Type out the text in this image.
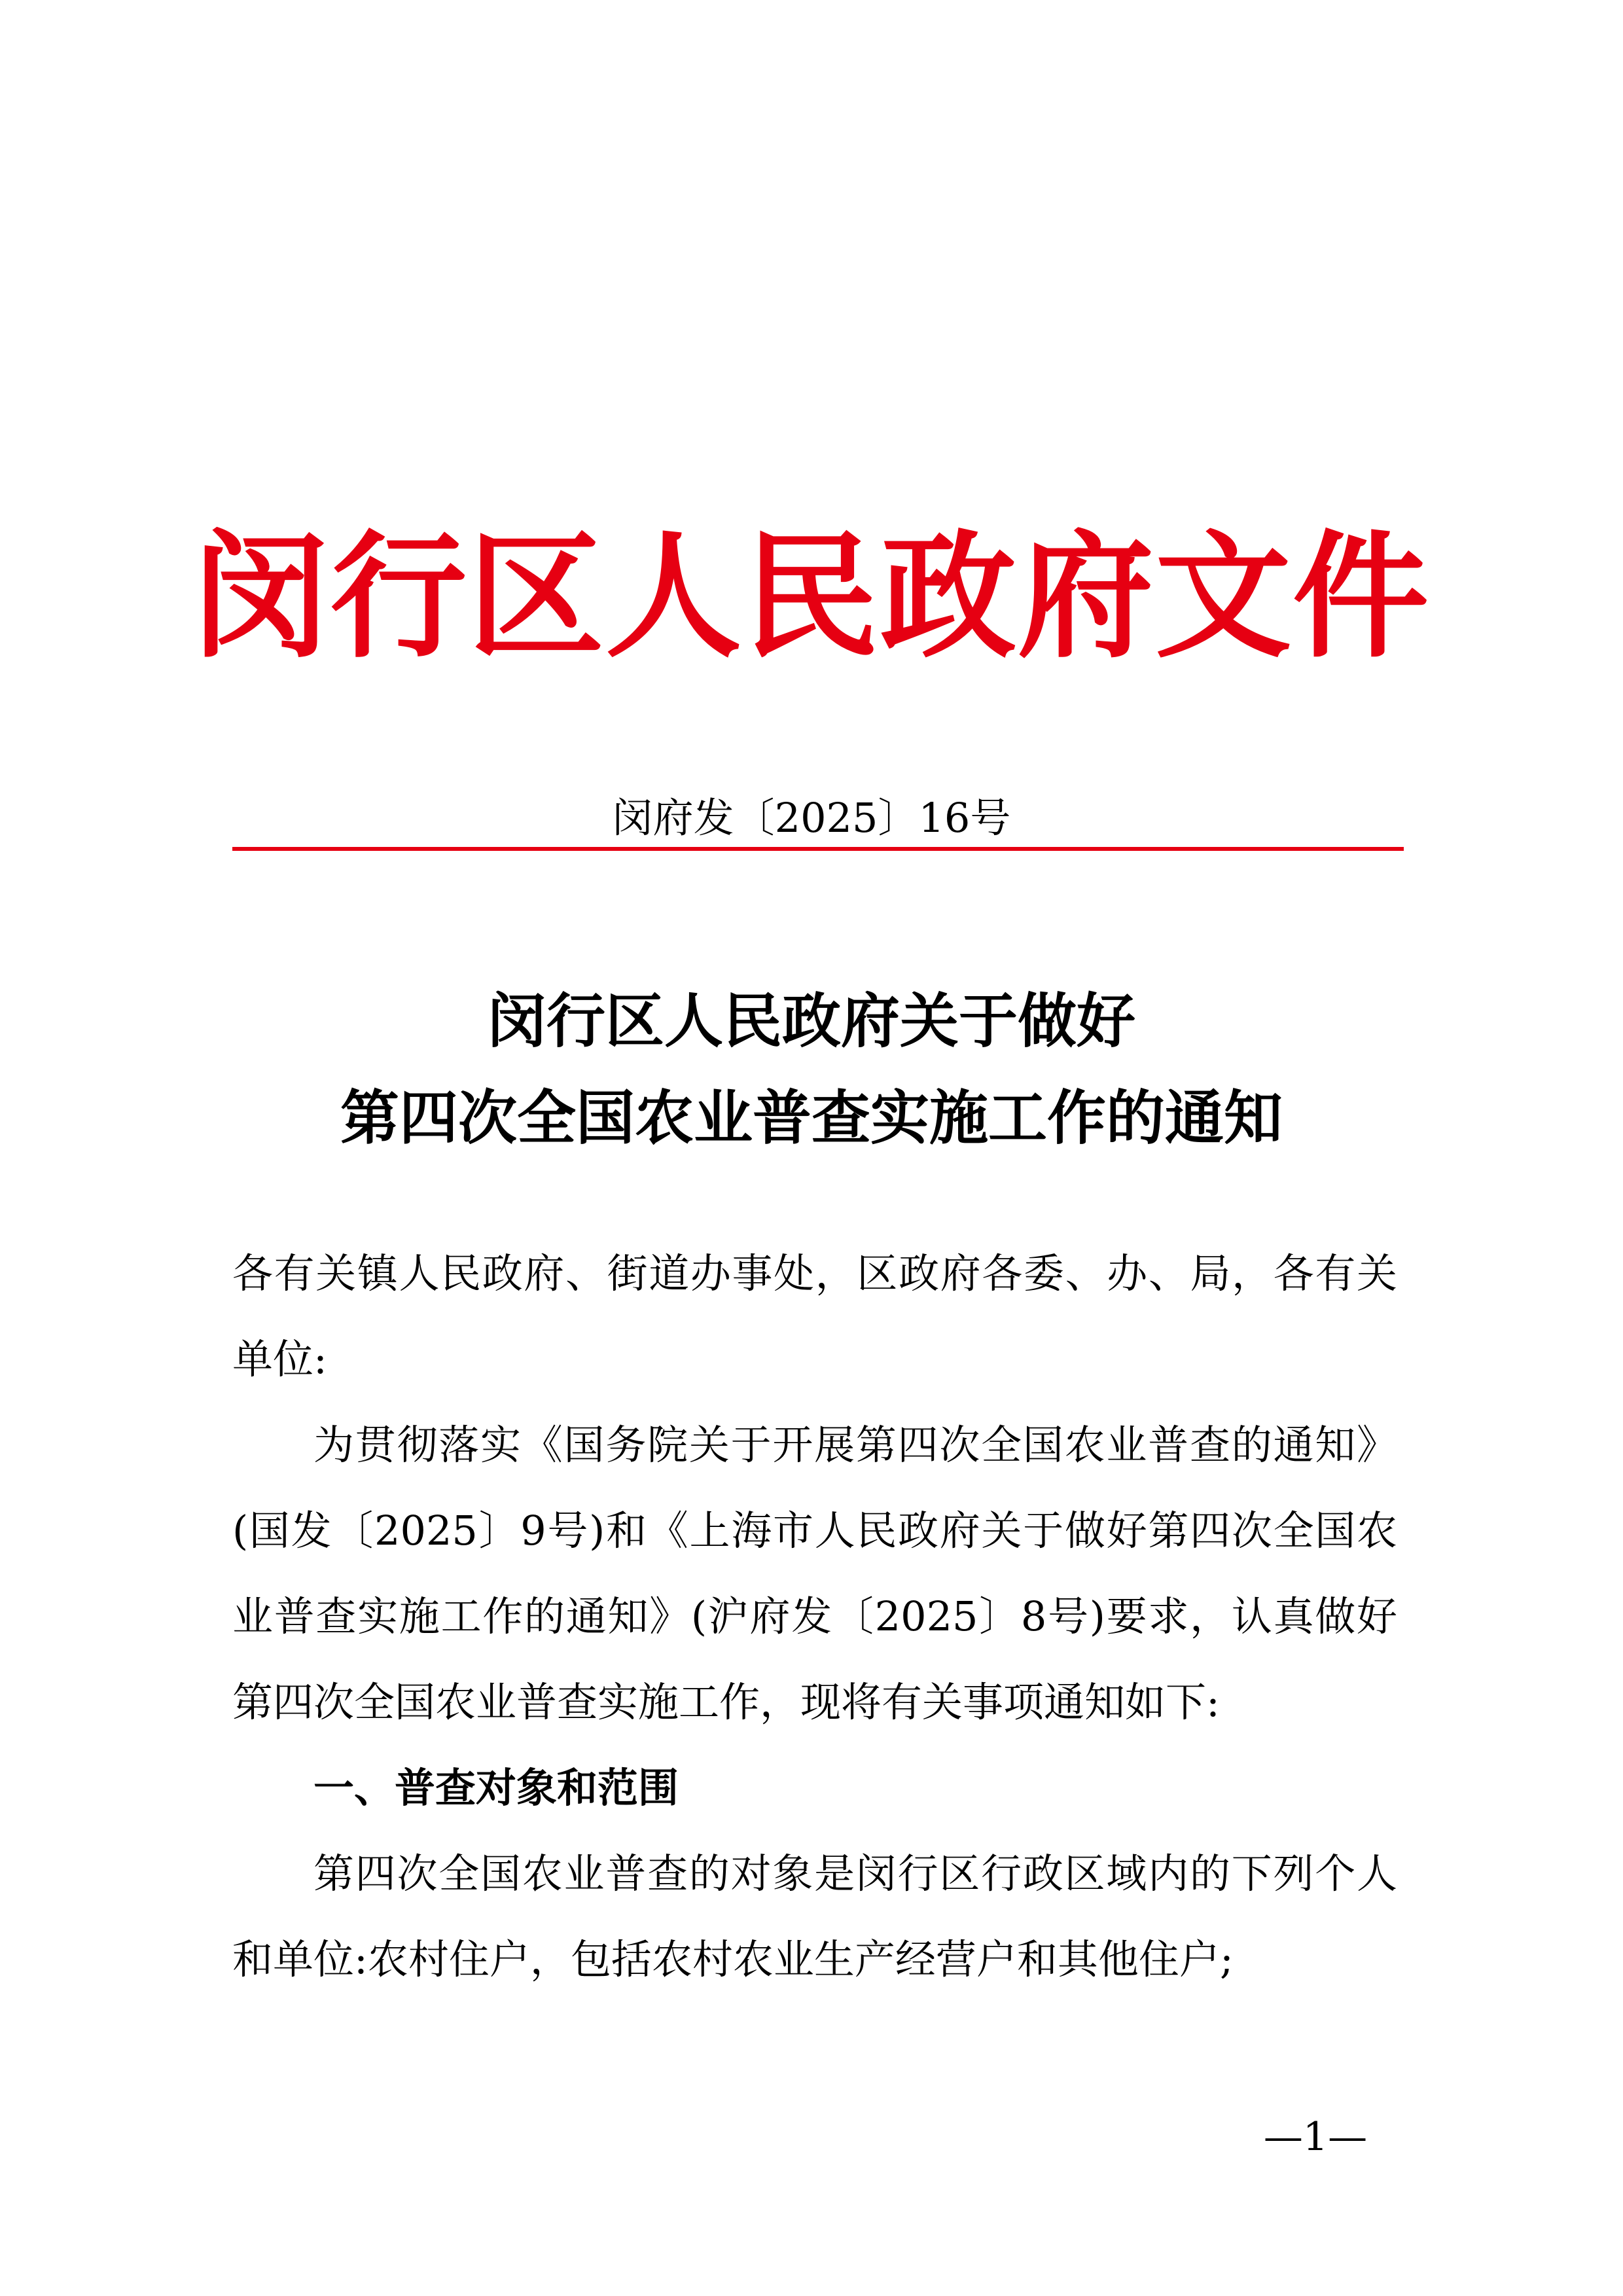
闵行区人民政府文件
闵府发〔2025〕16号
闵行区人民政府关于做好
第四次全国农业普查实施工作的通知

各有关镇人民政府、街道办事处，区政府各委、办、局，各有关单位:

为贯彻落实《国务院关于开展第四次全国农业普查的通知》(国发〔2025〕9号)和《上海市人民政府关于做好第四次全国农业普查实施工作的通知》(沪府发〔2025〕8号)要求，认真做好第四次全国农业普查实施工作，现将有关事项通知如下:

一、普查对象和范围

第四次全国农业普查的对象是闵行区行政区域内的下列个人和单位:农村住户，包括农村农业生产经营户和其他住户;

—1—
